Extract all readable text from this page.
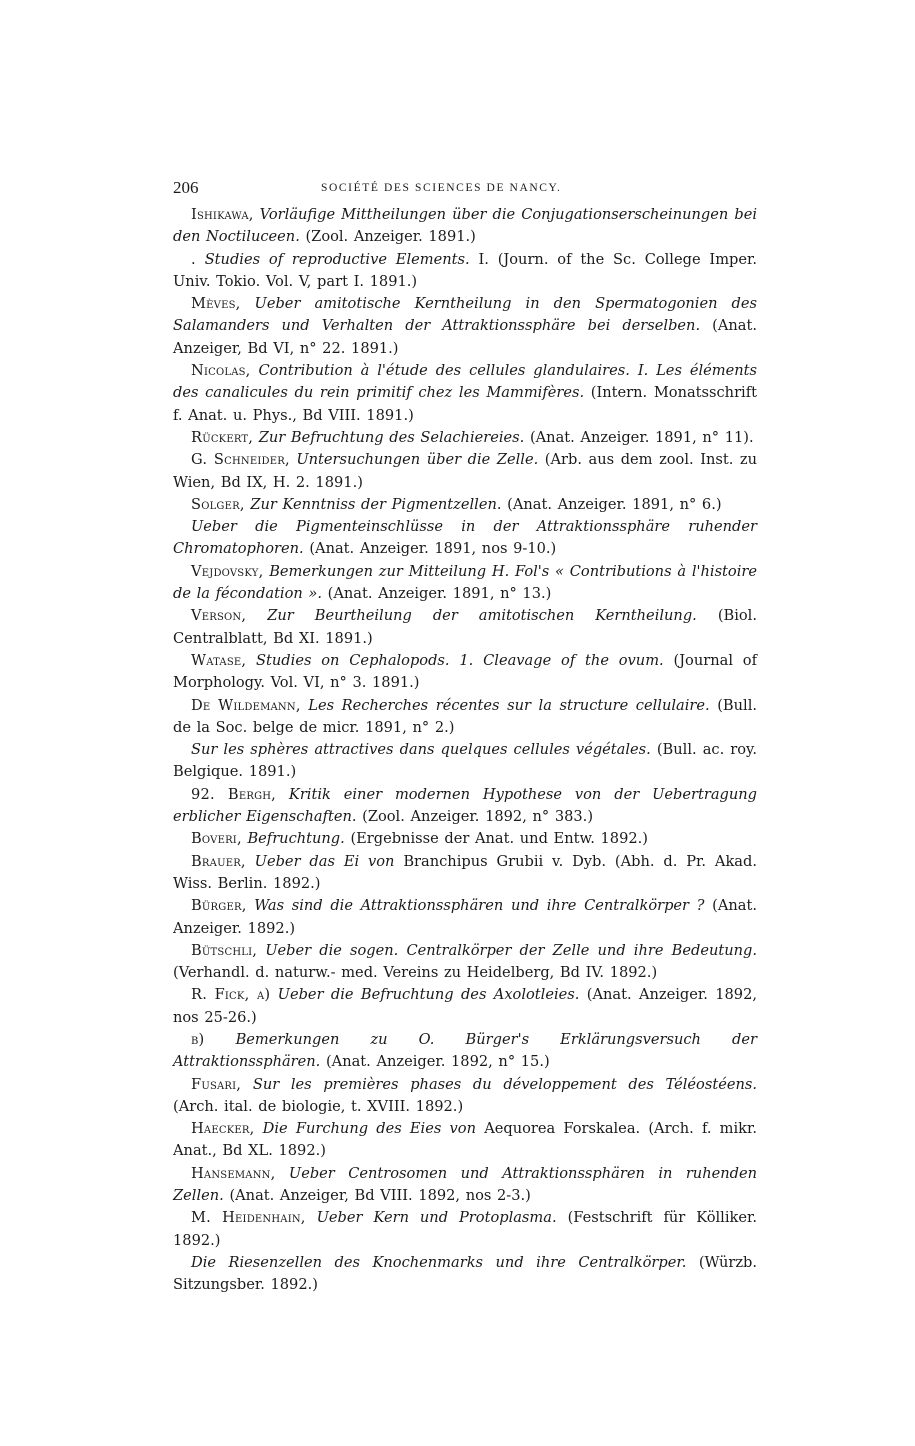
206	SOCIÉTÉ DES SCIENCES DE NANCY.

Ishikawa, Vorläufige Mittheilungen über die Conjugationserscheinungen bei den Noctiluceen. (Zool. Anzeiger. 1891.)

. Studies of reproductive Elements. I. (Journ. of the Sc. College Imper. Univ. Tokio. Vol. V, part I. 1891.)

Mèves, Ueber amitotische Kerntheilung in den Spermatogonien des Salamanders und Verhalten der Attraktionssphäre bei derselben. (Anat. Anzeiger, Bd VI, n° 22. 1891.)

Nicolas, Contribution à l'étude des cellules glandulaires. I. Les éléments des canalicules du rein primitif chez les Mammifères. (Intern. Monatsschrift f. Anat. u. Phys., Bd VIII. 1891.)

Rückert, Zur Befruchtung des Selachiereies. (Anat. Anzeiger. 1891, n° 11).

G. Schneider, Untersuchungen über die Zelle. (Arb. aus dem zool. Inst. zu Wien, Bd IX, H. 2. 1891.)

Solger, Zur Kenntniss der Pigmentzellen. (Anat. Anzeiger. 1891, n° 6.)

Ueber die Pigmenteinschlüsse in der Attraktionssphäre ruhender Chromatophoren. (Anat. Anzeiger. 1891, nos 9-10.)

Vejdovsky, Bemerkungen zur Mitteilung H. Fol's « Contributions à l'histoire de la fécondation ». (Anat. Anzeiger. 1891, n° 13.)

Verson, Zur Beurtheilung der amitotischen Kerntheilung. (Biol. Centralblatt, Bd XI. 1891.)

Watase, Studies on Cephalopods. 1. Cleavage of the ovum. (Journal of Morphology. Vol. VI, n° 3. 1891.)

De Wildemann, Les Recherches récentes sur la structure cellulaire. (Bull. de la Soc. belge de micr. 1891, n° 2.)

Sur les sphères attractives dans quelques cellules végétales. (Bull. ac. roy. Belgique. 1891.)

92. Bergh, Kritik einer modernen Hypothese von der Uebertragung erblicher Eigenschaften. (Zool. Anzeiger. 1892, n° 383.)

Boveri, Befruchtung. (Ergebnisse der Anat. und Entw. 1892.)

Brauer, Ueber das Ei von Branchipus Grubii v. Dyb. (Abh. d. Pr. Akad. Wiss. Berlin. 1892.)

Bürger, Was sind die Attraktionssphären und ihre Centralkörper ? (Anat. Anzeiger. 1892.)

Bütschli, Ueber die sogen. Centralkörper der Zelle und ihre Bedeutung. (Verhandl. d. naturw.- med. Vereins zu Heidelberg, Bd IV. 1892.)

R. Fick, a) Ueber die Befruchtung des Axolotleies. (Anat. Anzeiger. 1892, nos 25-26.)

b) Bemerkungen zu O. Bürger's Erklärungsversuch der Attraktionssphären. (Anat. Anzeiger. 1892, n° 15.)

Fusari, Sur les premières phases du développement des Téléostéens. (Arch. ital. de biologie, t. XVIII. 1892.)

Haecker, Die Furchung des Eies von Aequorea Forskalea. (Arch. f. mikr. Anat., Bd XL. 1892.)

Hansemann, Ueber Centrosomen und Attraktionssphären in ruhenden Zellen. (Anat. Anzeiger, Bd VIII. 1892, nos 2-3.)

M. Heidenhain, Ueber Kern und Protoplasma. (Festschrift für Kölliker. 1892.)

Die Riesenzellen des Knochenmarks und ihre Centralkörper. (Würzb. Sitzungsber. 1892.)
